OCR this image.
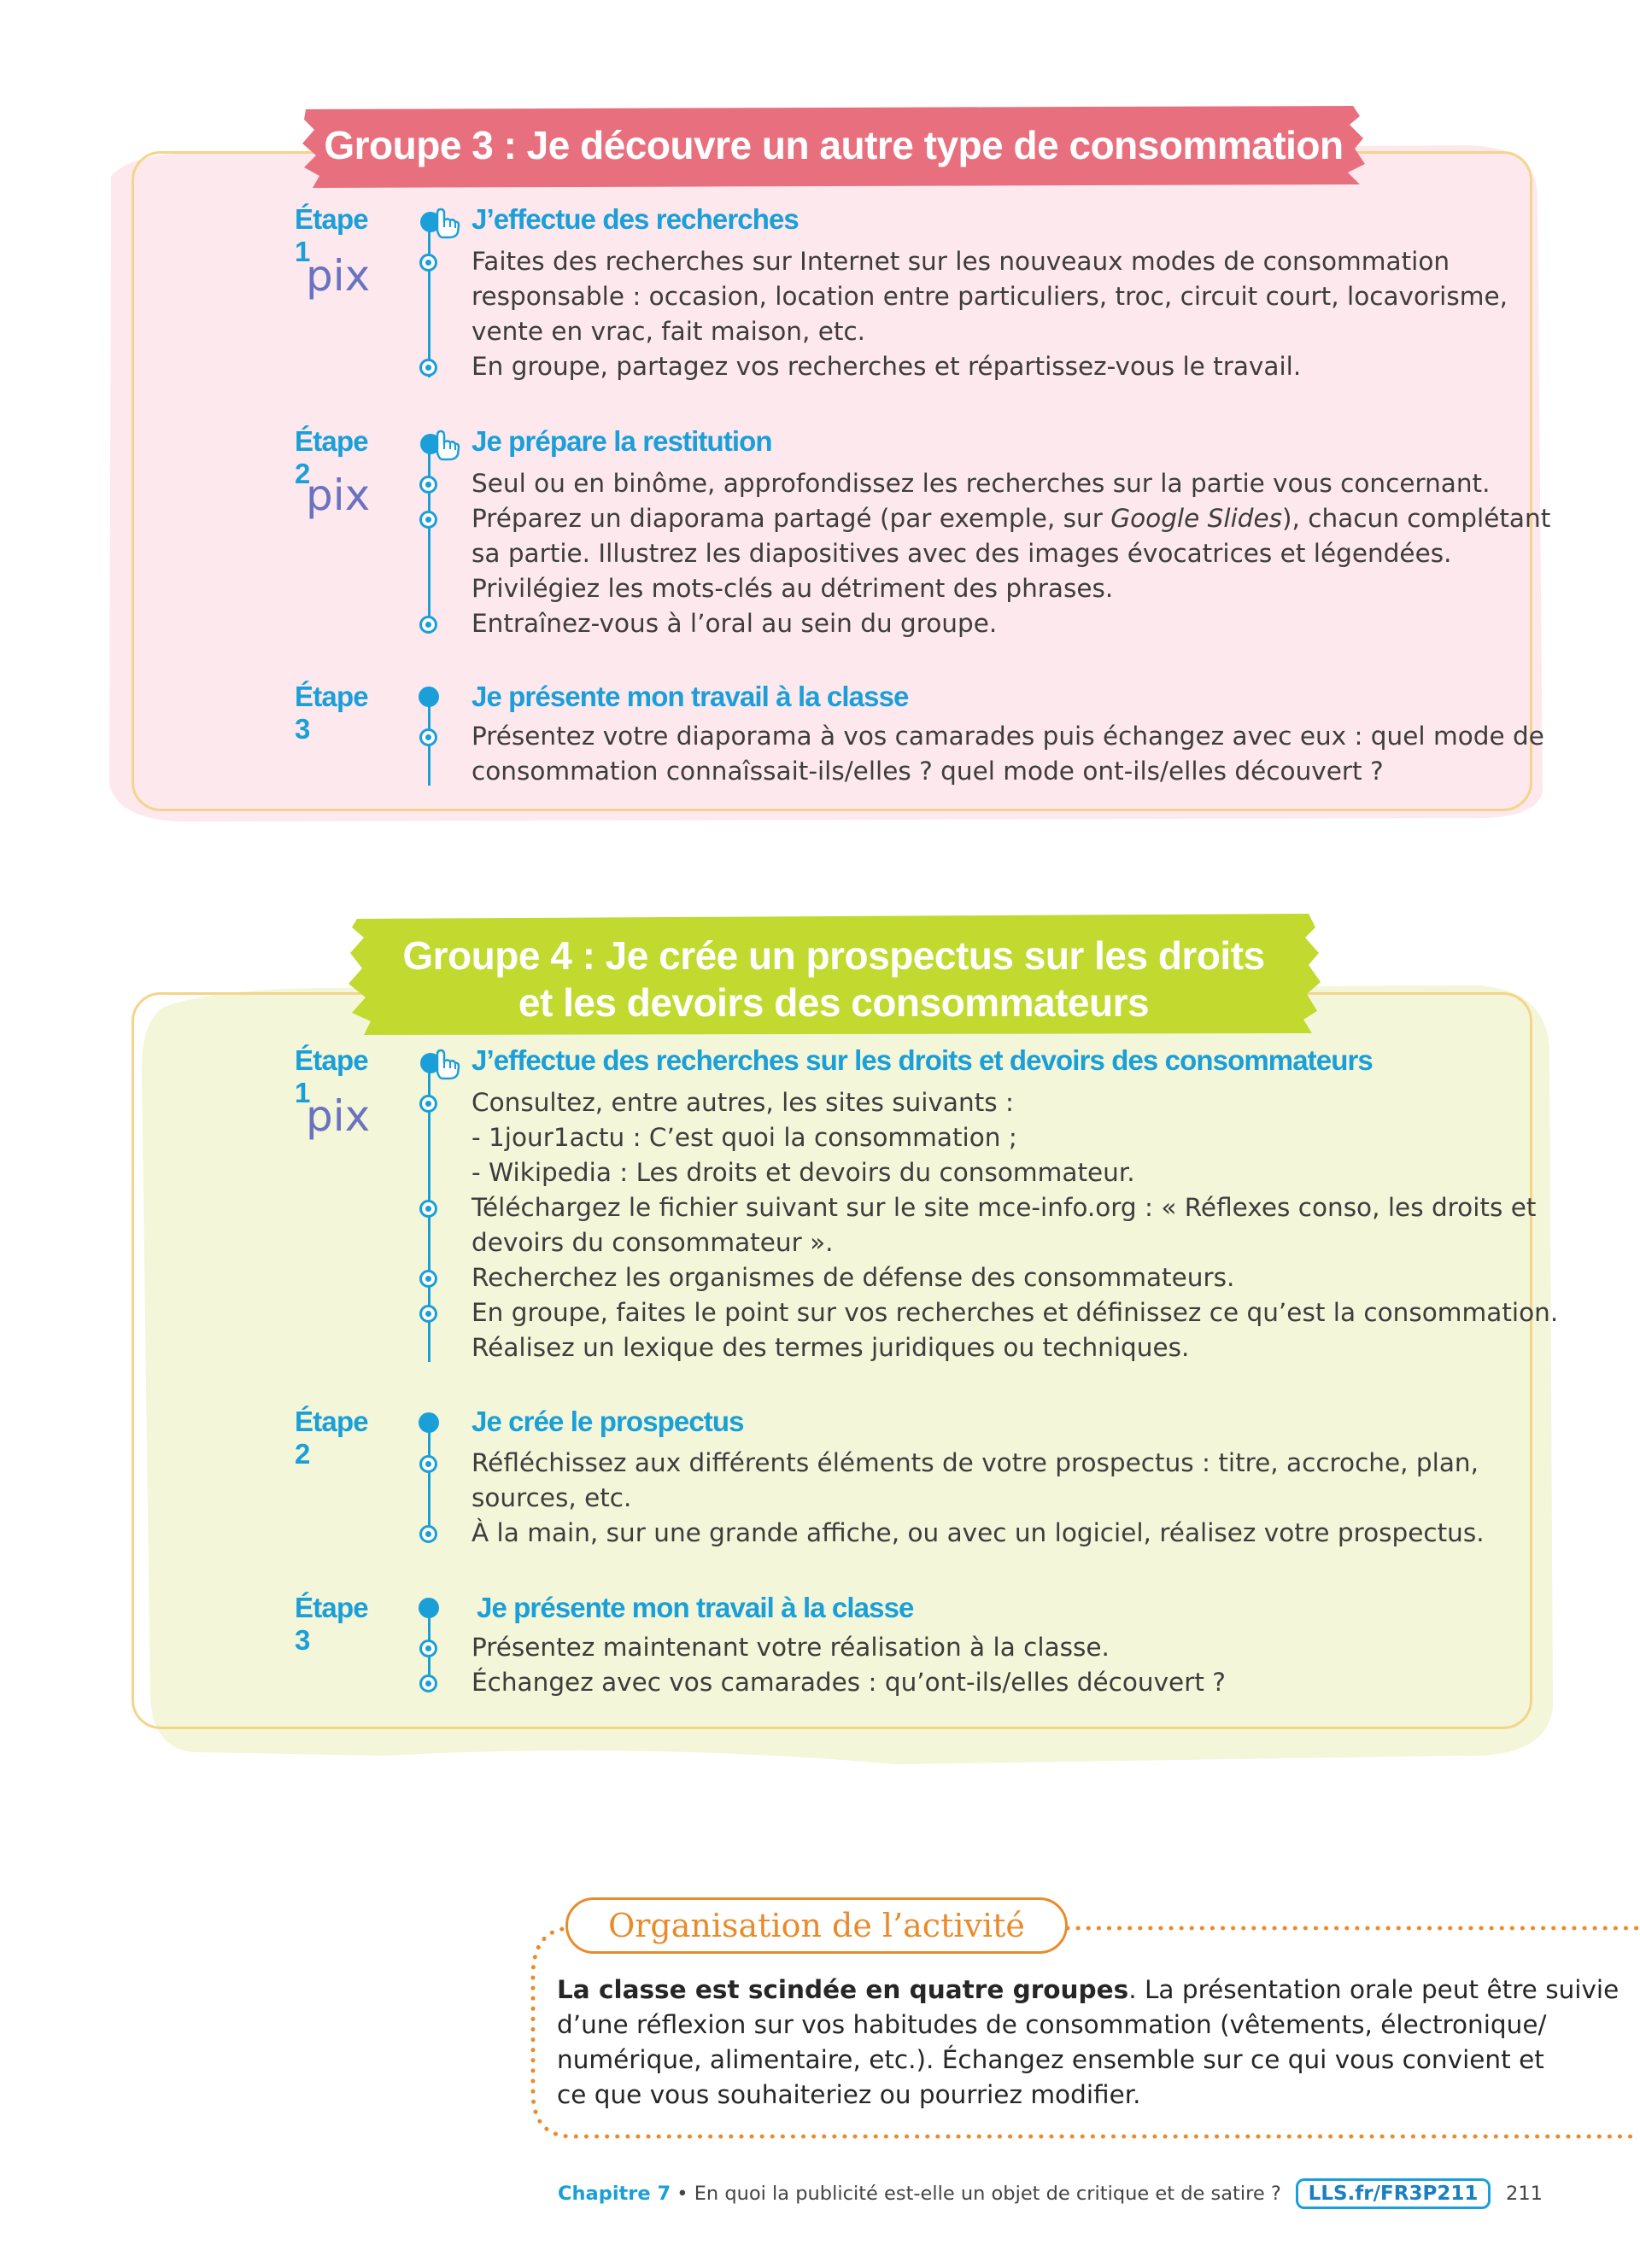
Groupe 3 : Je découvre un autre type de consommation
Étape 1
pix
J’effectue des recherches
Faites des recherches sur Internet sur les nouveaux modes de consommation
responsable : occasion, location entre particuliers, troc, circuit court, locavorisme,
vente en vrac, fait maison, etc.
En groupe, partagez vos recherches et répartissez-vous le travail.
Étape 2
pix
Je prépare la restitution
Seul ou en binôme, approfondissez les recherches sur la partie vous concernant.
Préparez un diaporama partagé (par exemple, sur Google Slides), chacun complétant
sa partie. Illustrez les diapositives avec des images évocatrices et légendées.
Privilégiez les mots-clés au détriment des phrases.
Entraînez-vous à l’oral au sein du groupe.
Étape 3
Je présente mon travail à la classe
Présentez votre diaporama à vos camarades puis échangez avec eux : quel mode de
consommation connaîssait-ils/elles ? quel mode ont-ils/elles découvert ?
Groupe 4 : Je crée un prospectus sur les droits
et les devoirs des consommateurs
Étape 1
pix
J’effectue des recherches sur les droits et devoirs des consommateurs
Consultez, entre autres, les sites suivants :
- 1jour1actu : C’est quoi la consommation ;
- Wikipedia : Les droits et devoirs du consommateur.
Téléchargez le fichier suivant sur le site mce-info.org : « Réflexes conso, les droits et
devoirs du consommateur ».
Recherchez les organismes de défense des consommateurs.
En groupe, faites le point sur vos recherches et définissez ce qu’est la consommation.
Réalisez un lexique des termes juridiques ou techniques.
Étape 2
Je crée le prospectus
Réfléchissez aux différents éléments de votre prospectus : titre, accroche, plan,
sources, etc.
À la main, sur une grande affiche, ou avec un logiciel, réalisez votre prospectus.
Étape 3
Je présente mon travail à la classe
Présentez maintenant votre réalisation à la classe.
Échangez avec vos camarades : qu’ont-ils/elles découvert ?
Organisation de l’activité
La classe est scindée en quatre groupes. La présentation orale peut être suivie
d’une réflexion sur vos habitudes de consommation (vêtements, électronique/
numérique, alimentaire, etc.). Échangez ensemble sur ce qui vous convient et
ce que vous souhaiteriez ou pourriez modifier.
Chapitre 7 • En quoi la publicité est-elle un objet de critique et de satire ?	LLS.fr/FR3P211	211
